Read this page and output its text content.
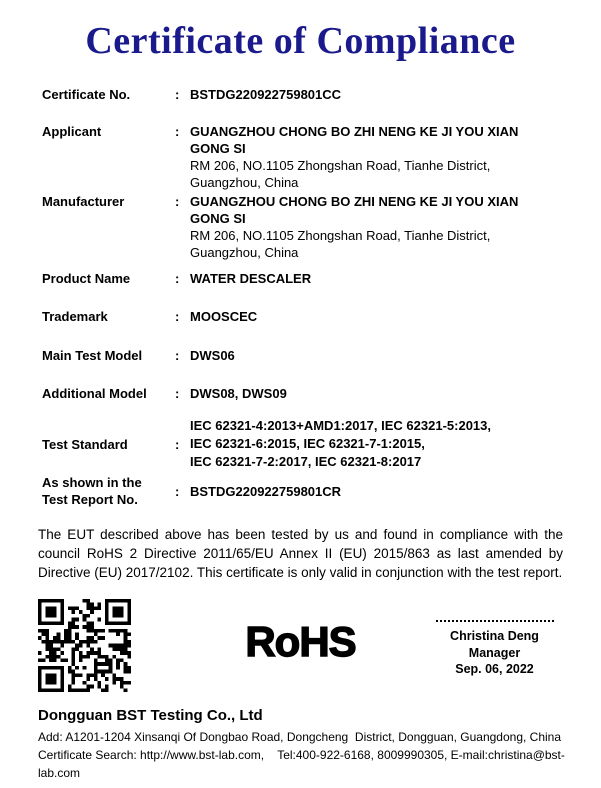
Certificate of Compliance
Certificate No.	: BSTDG220922759801CC
Applicant	: GUANGZHOU CHONG BO ZHI NENG KE JI YOU XIAN
GONG SI
RM 206, NO.1105 Zhongshan Road, Tianhe District,
Guangzhou, China
Manufacturer	: GUANGZHOU CHONG BO ZHI NENG KE JI YOU XIAN
GONG SI
RM 206, NO.1105 Zhongshan Road, Tianhe District,
Guangzhou, China
Product Name	: WATER DESCALER
Trademark	: MOOSCEC
Main Test Model	: DWS06
Additional Model	: DWS08, DWS09
Test Standard	:
IEC 62321-4:2013+AMD1:2017, IEC 62321-5:2013,
IEC 62321-6:2015, IEC 62321-7-1:2015,
IEC 62321-7-2:2017, IEC 62321-8:2017
As shown in the
Test Report No.
: BSTDG220922759801CR

The EUT described above has been tested by us and found in compliance with the council RoHS 2 Directive 2011/65/EU Annex II (EU) 2015/863 as last amended by Directive (EU) 2017/2102. This certificate is only valid in conjunction with the test report.

RoHS	Christina Deng
Manager
Sep. 06, 2022
Dongguan BST Testing Co., Ltd
Add: A1201-1204 Xinsanqi Of Dongbao Road, Dongcheng  District, Dongguan, Guangdong, China
Certificate Search: http://www.bst-lab.com,    Tel:400-922-6168, 8009990305, E-mail:christina@bst-lab.com
